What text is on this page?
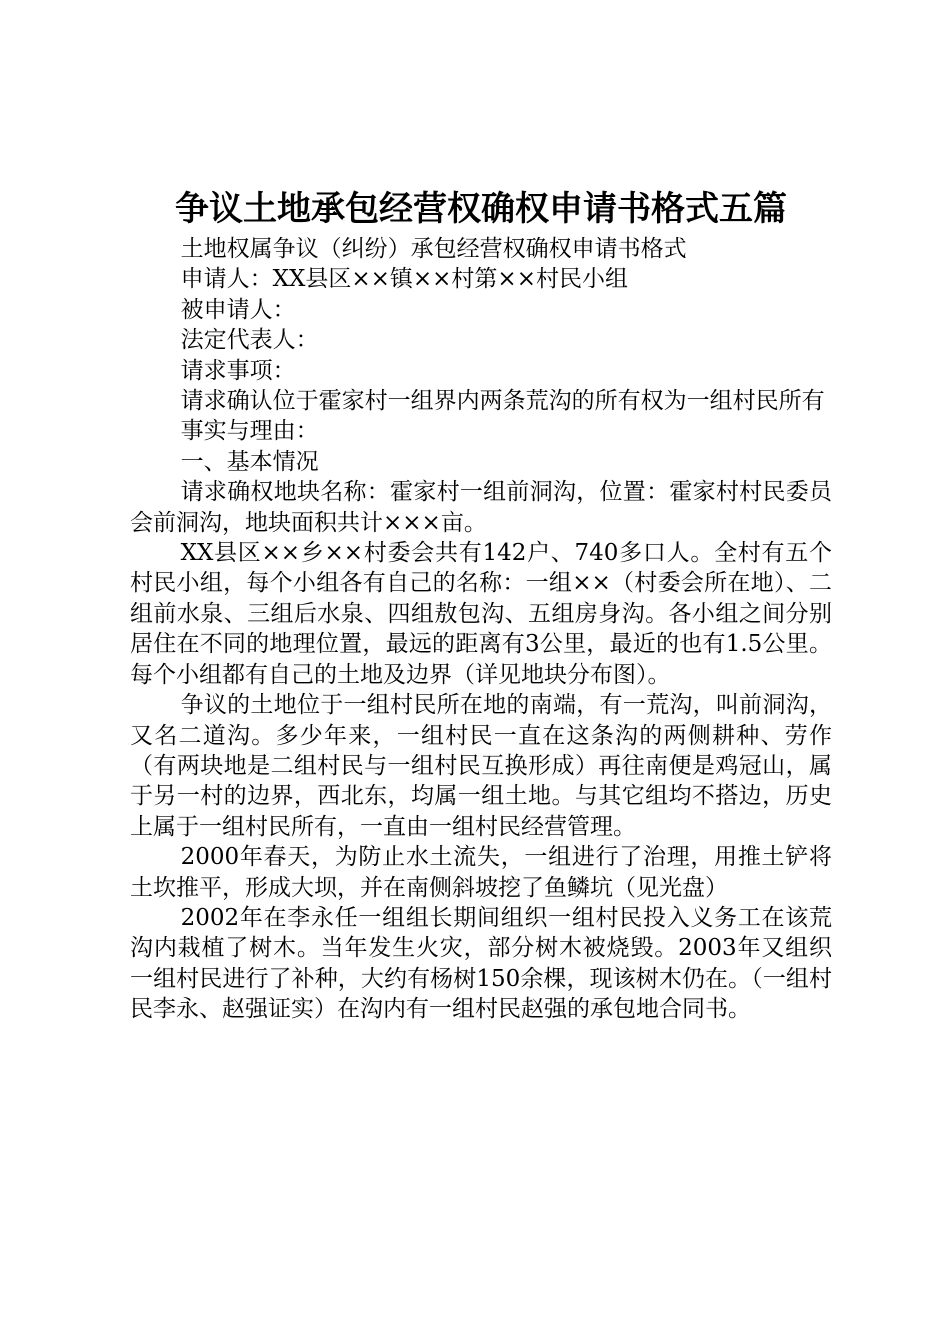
争议土地承包经营权确权申请书格式五篇

土地权属争议（纠纷）承包经营权确权申请书格式

申请人：XX县区××镇××村第××村民小组

被申请人：

法定代表人：

请求事项：

请求确认位于霍家村一组界内两条荒沟的所有权为一组村民所有

事实与理由：

一、基本情况

请求确权地块名称：霍家村一组前洞沟，位置：霍家村村民委员会前洞沟，地块面积共计×××亩。

XX县区××乡××村委会共有142户、740多口人。全村有五个村民小组，每个小组各有自己的名称：一组××（村委会所在地）、二组前水泉、三组后水泉、四组敖包沟、五组房身沟。各小组之间分别居住在不同的地理位置，最远的距离有3公里，最近的也有1.5公里。每个小组都有自己的土地及边界（详见地块分布图）。

争议的土地位于一组村民所在地的南端，有一荒沟，叫前洞沟，又名二道沟。多少年来，一组村民一直在这条沟的两侧耕种、劳作（有两块地是二组村民与一组村民互换形成）再往南便是鸡冠山，属于另一村的边界，西北东，均属一组土地。与其它组均不搭边，历史上属于一组村民所有，一直由一组村民经营管理。

2000年春天，为防止水土流失，一组进行了治理，用推土铲将土坎推平，形成大坝，并在南侧斜坡挖了鱼鳞坑（见光盘）

2002年在李永任一组组长期间组织一组村民投入义务工在该荒沟内栽植了树木。当年发生火灾，部分树木被烧毁。2003年又组织一组村民进行了补种，大约有杨树150余棵，现该树木仍在。（一组村民李永、赵强证实）在沟内有一组村民赵强的承包地合同书。
